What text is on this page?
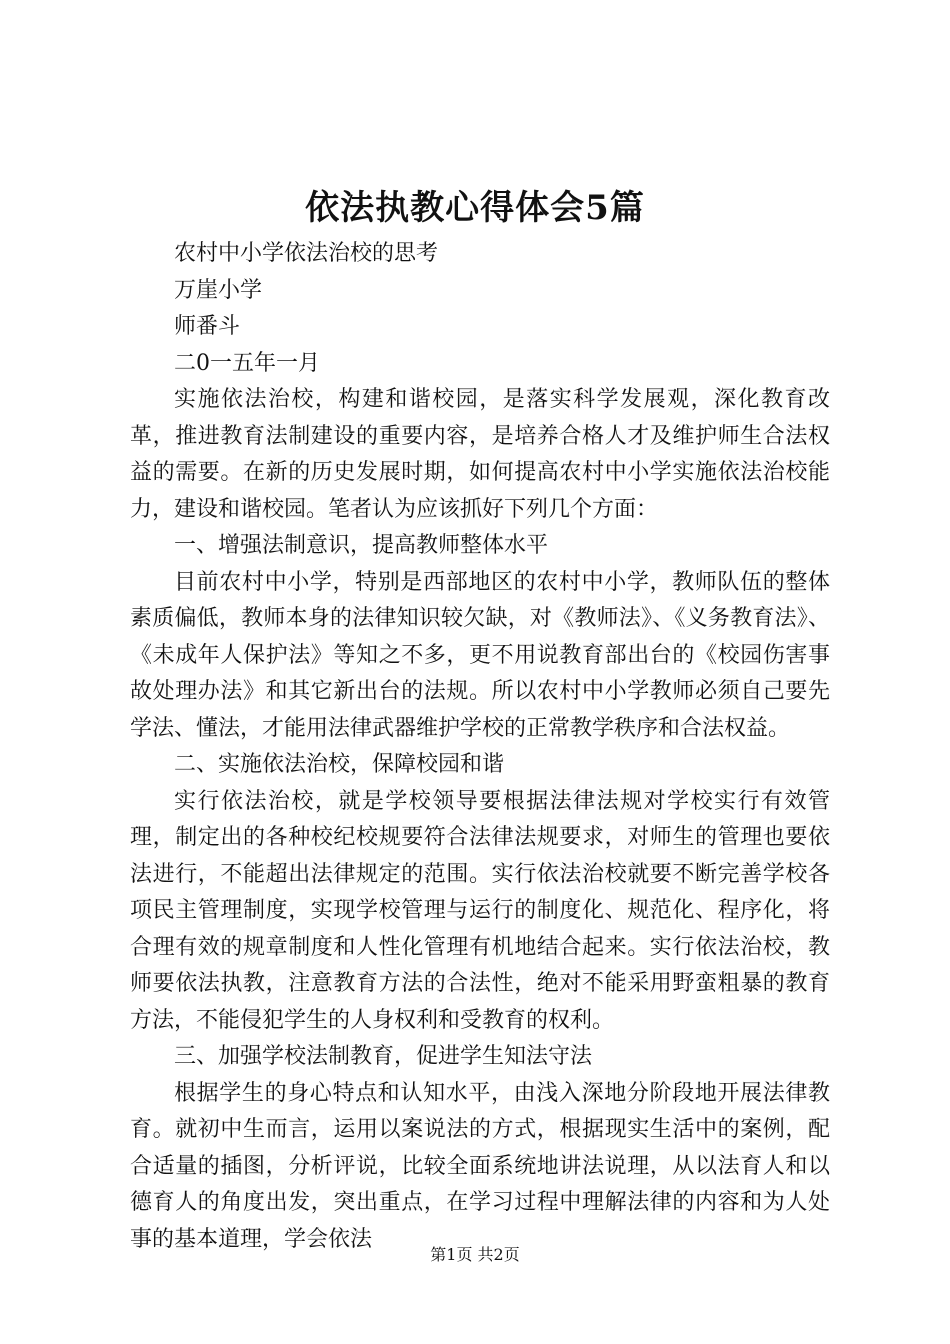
依法执教心得体会5篇

农村中小学依法治校的思考

万崖小学

师番斗

二0一五年一月

实施依法治校，构建和谐校园，是落实科学发展观，深化教育改革，推进教育法制建设的重要内容，是培养合格人才及维护师生合法权益的需要。在新的历史发展时期，如何提高农村中小学实施依法治校能力，建设和谐校园。笔者认为应该抓好下列几个方面：

一、增强法制意识，提高教师整体水平

目前农村中小学，特别是西部地区的农村中小学，教师队伍的整体素质偏低，教师本身的法律知识较欠缺，对《教师法》、《义务教育法》、《未成年人保护法》等知之不多，更不用说教育部出台的《校园伤害事故处理办法》和其它新出台的法规。所以农村中小学教师必须自己要先学法、懂法，才能用法律武器维护学校的正常教学秩序和合法权益。

二、实施依法治校，保障校园和谐

实行依法治校，就是学校领导要根据法律法规对学校实行有效管理，制定出的各种校纪校规要符合法律法规要求，对师生的管理也要依法进行，不能超出法律规定的范围。实行依法治校就要不断完善学校各项民主管理制度，实现学校管理与运行的制度化、规范化、程序化，将合理有效的规章制度和人性化管理有机地结合起来。实行依法治校，教师要依法执教，注意教育方法的合法性，绝对不能采用野蛮粗暴的教育方法，不能侵犯学生的人身权利和受教育的权利。

三、加强学校法制教育，促进学生知法守法

根据学生的身心特点和认知水平，由浅入深地分阶段地开展法律教育。就初中生而言，运用以案说法的方式，根据现实生活中的案例，配合适量的插图，分析评说，比较全面系统地讲法说理，从以法育人和以德育人的角度出发，突出重点，在学习过程中理解法律的内容和为人处事的基本道理，学会依法

第1页 共2页
